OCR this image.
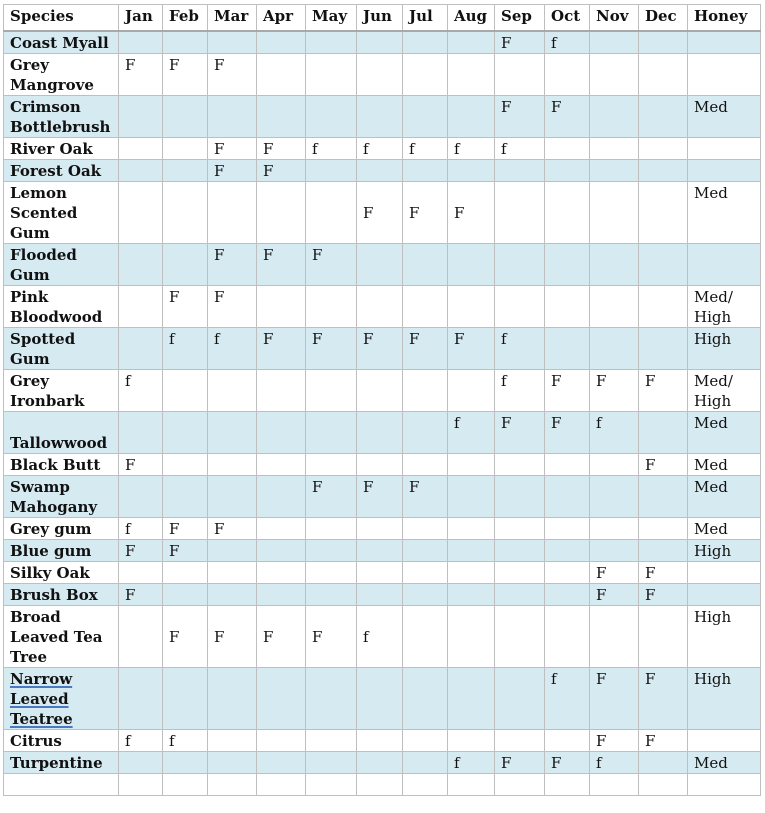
Species	Jan	Feb	Mar	Apr	May	Jun	Jul	Aug	Sep	Oct	Nov	Dec	Honey
Coast Myall									F	f			
Grey Mangrove	F	F	F										
Crimson Bottlebrush									F	F			Med
River Oak			F	F	f	f	f	f	f				
Forest Oak			F	F									
Lemon Scented Gum						F	F	F					Med
Flooded Gum			F	F	F								
Pink Bloodwood		F	F										Med/ High
Spotted Gum		f	f	F	F	F	F	F	f				High
Grey Ironbark	f								f	F	F	F	Med/ High
Tallowwood								f	F	F	f		Med
Black Butt	F											F	Med
Swamp Mahogany					F	F	F						Med
Grey gum	f	F	F										Med
Blue gum	F	F											High
Silky Oak											F	F	
Brush Box	F										F	F	
Broad Leaved Tea Tree		F	F	F	F	f							High
Narrow Leaved Teatree										f	F	F	High
Citrus	f	f									F	F	
Turpentine								f	F	F	f		Med
